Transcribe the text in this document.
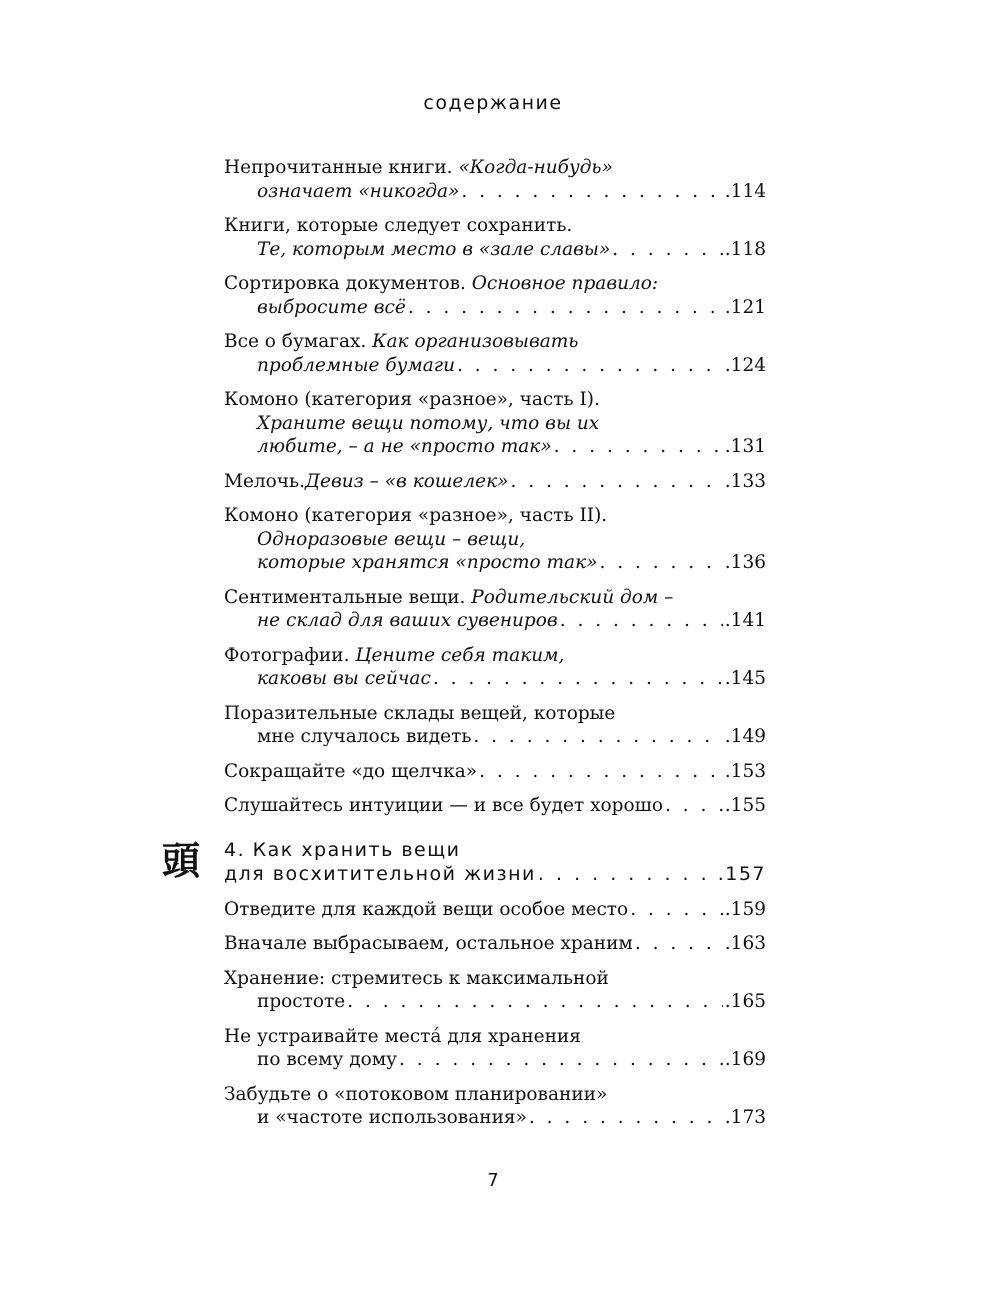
содержание
Непрочитанные книги. «Когда-нибудь»
означает «никогда» . . .	.114
Книги, которые следует сохранить.
Те, которым место в «зале славы» . . .	.118
Сортировка документов. Основное правило:
выбросите всё . . .	.121
Все о бумагах. Как организовывать
проблемные бумаги . . .	.124
Комоно (категория «разное», часть I).
Храните вещи потому, что вы их
любите, – а не «просто так» . . .	.131
Мелочь. Девиз – «в кошелек» . . .	.133
Комоно (категория «разное», часть II).
Одноразовые вещи – вещи,
которые хранятся «просто так» . . .	.136
Сентиментальные вещи. Родительский дом –
не склад для ваших сувениров . . .	.141
Фотографии. Цените себя таким,
каковы вы сейчас . . .	.145
Поразительные склады вещей, которые
мне случалось видеть . . .	.149
Сокращайте «до щелчка» . . .	.153
Слушайтесь интуиции — и все будет хорошо . . .	.155
頭 4. Как хранить вещи
для восхитительной жизни . . .	.157
Отведите для каждой вещи особое место . . .	.159
Вначале выбрасываем, остальное храним . . .	.163
Хранение: стремитесь к максимальной
простоте . . .	.165
Не устраивайте места́ для хранения
по всему дому . . .	.169
Забудьте о «потоковом планировании»
и «частоте использования» . . .	.173
7
